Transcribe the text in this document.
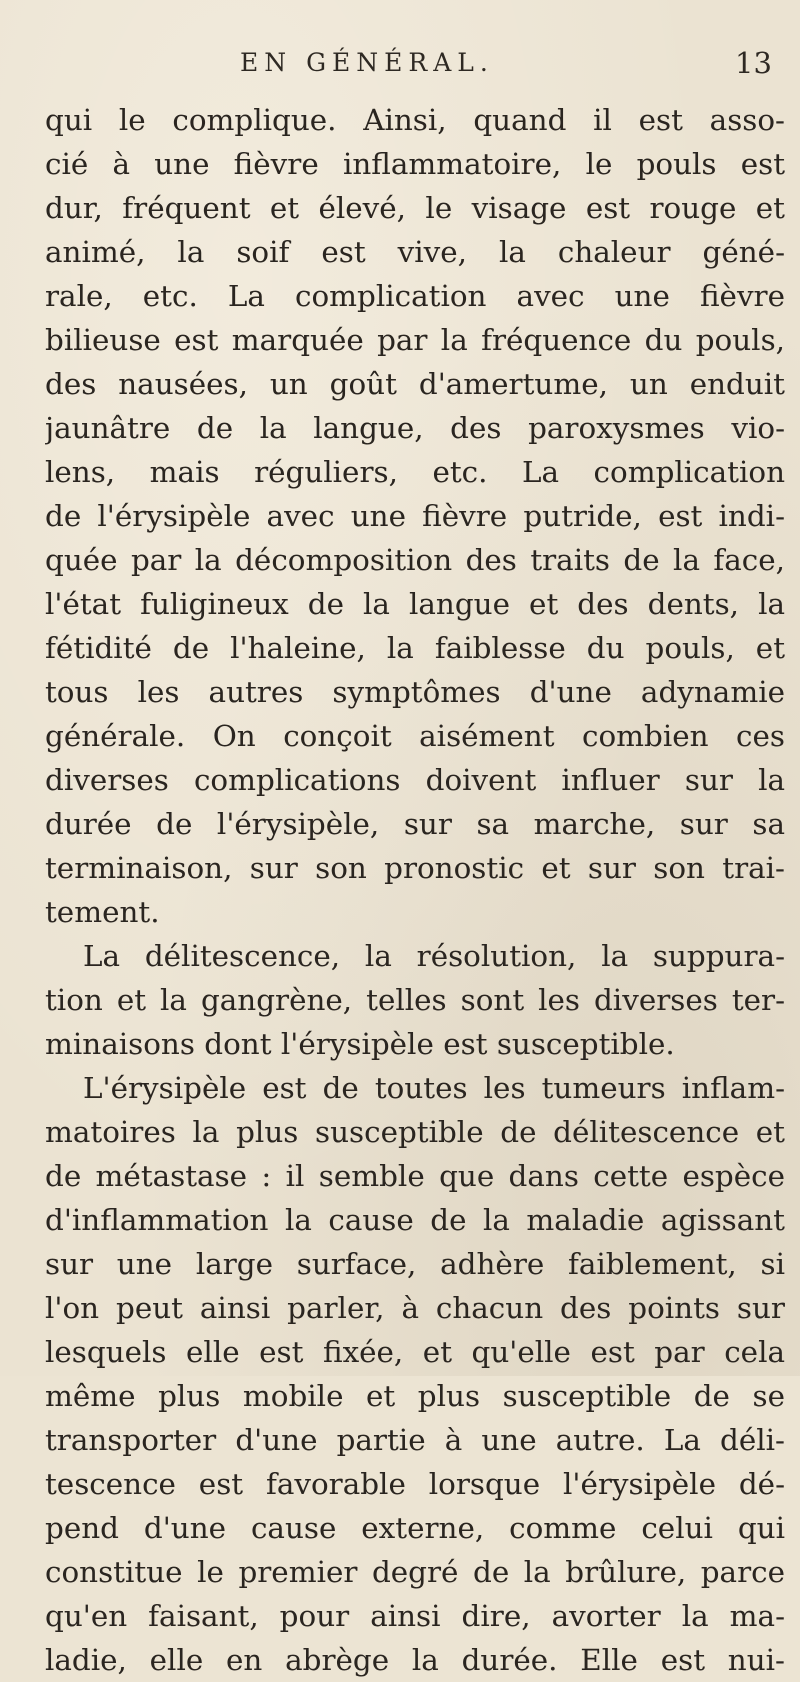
EN GÉNÉRAL.	13
qui le complique. Ainsi, quand il est asso-
cié à une fièvre inflammatoire, le pouls est
dur, fréquent et élevé, le visage est rouge et
animé, la soif est vive, la chaleur géné-
rale, etc. La complication avec une fièvre
bilieuse est marquée par la fréquence du pouls,
des nausées, un goût d'amertume, un enduit
jaunâtre de la langue, des paroxysmes vio-
lens, mais réguliers, etc. La complication
de l'érysipèle avec une fièvre putride, est indi-
quée par la décomposition des traits de la face,
l'état fuligineux de la langue et des dents, la
fétidité de l'haleine, la faiblesse du pouls, et
tous les autres symptômes d'une adynamie
générale. On conçoit aisément combien ces
diverses complications doivent influer sur la
durée de l'érysipèle, sur sa marche, sur sa
terminaison, sur son pronostic et sur son trai-
tement.
La délitescence, la résolution, la suppura-
tion et la gangrène, telles sont les diverses ter-
minaisons dont l'érysipèle est susceptible.
L'érysipèle est de toutes les tumeurs inflam-
matoires la plus susceptible de délitescence et
de métastase : il semble que dans cette espèce
d'inflammation la cause de la maladie agissant
sur une large surface, adhère faiblement, si
l'on peut ainsi parler, à chacun des points sur
lesquels elle est fixée, et qu'elle est par cela
même plus mobile et plus susceptible de se
transporter d'une partie à une autre. La déli-
tescence est favorable lorsque l'érysipèle dé-
pend d'une cause externe, comme celui qui
constitue le premier degré de la brûlure, parce
qu'en faisant, pour ainsi dire, avorter la ma-
ladie, elle en abrège la durée. Elle est nui-
